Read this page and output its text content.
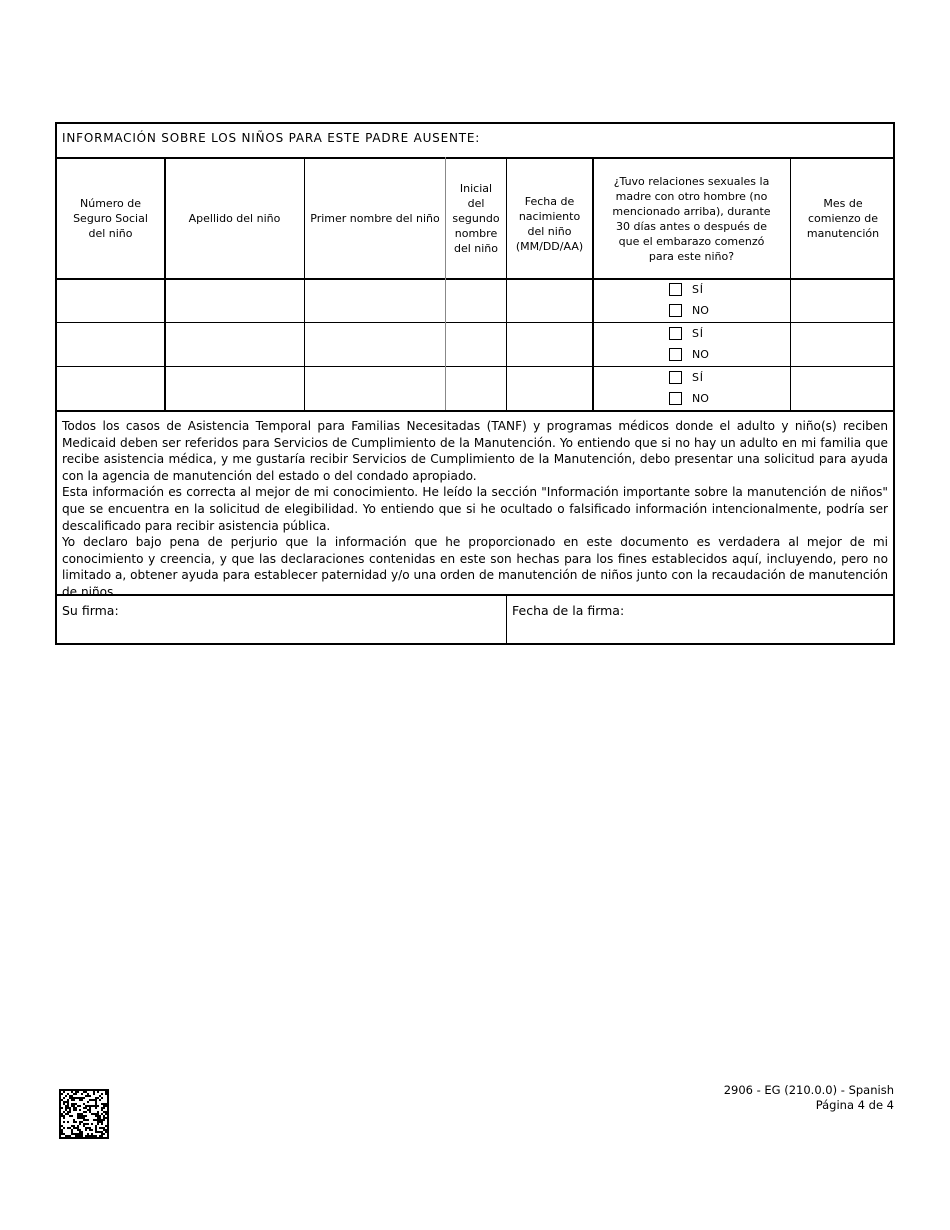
INFORMACIÓN SOBRE LOS NIÑOS PARA ESTE PADRE AUSENTE:
Número de Seguro Social del niño
Apellido del niño	Primer nombre del niño
Inicial del segundo nombre del niño
Fecha de nacimiento del niño (MM/DD/AA)
¿Tuvo relaciones sexuales la madre con otro hombre (no mencionado arriba), durante 30 días antes o después de que el embarazo comenzó para este niño?
Mes de comienzo de manutención
SÍ
NO
SÍ
NO
SÍ
NO

Todos los casos de Asistencia Temporal para Familias Necesitadas (TANF) y programas médicos donde el adulto y niño(s) reciben Medicaid deben ser referidos para Servicios de Cumplimiento de la Manutención. Yo entiendo que si no hay un adulto en mi familia que recibe asistencia médica, y me gustaría recibir Servicios de Cumplimiento de la Manutención, debo presentar una solicitud para ayuda con la agencia de manutención del estado o del condado apropiado.

Esta información es correcta al mejor de mi conocimiento. He leído la sección "Información importante sobre la manutención de niños" que se encuentra en la solicitud de elegibilidad. Yo entiendo que si he ocultado o falsificado información intencionalmente, podría ser descalificado para recibir asistencia pública.

Yo declaro bajo pena de perjurio que la información que he proporcionado en este documento es verdadera al mejor de mi conocimiento y creencia, y que las declaraciones contenidas en este son hechas para los fines establecidos aquí, incluyendo, pero no limitado a, obtener ayuda para establecer paternidad y/o una orden de manutención de niños junto con la recaudación de manutención de niños.

Su firma:	Fecha de la firma:
2906 - EG (210.0.0) - Spanish
Página 4 de 4
